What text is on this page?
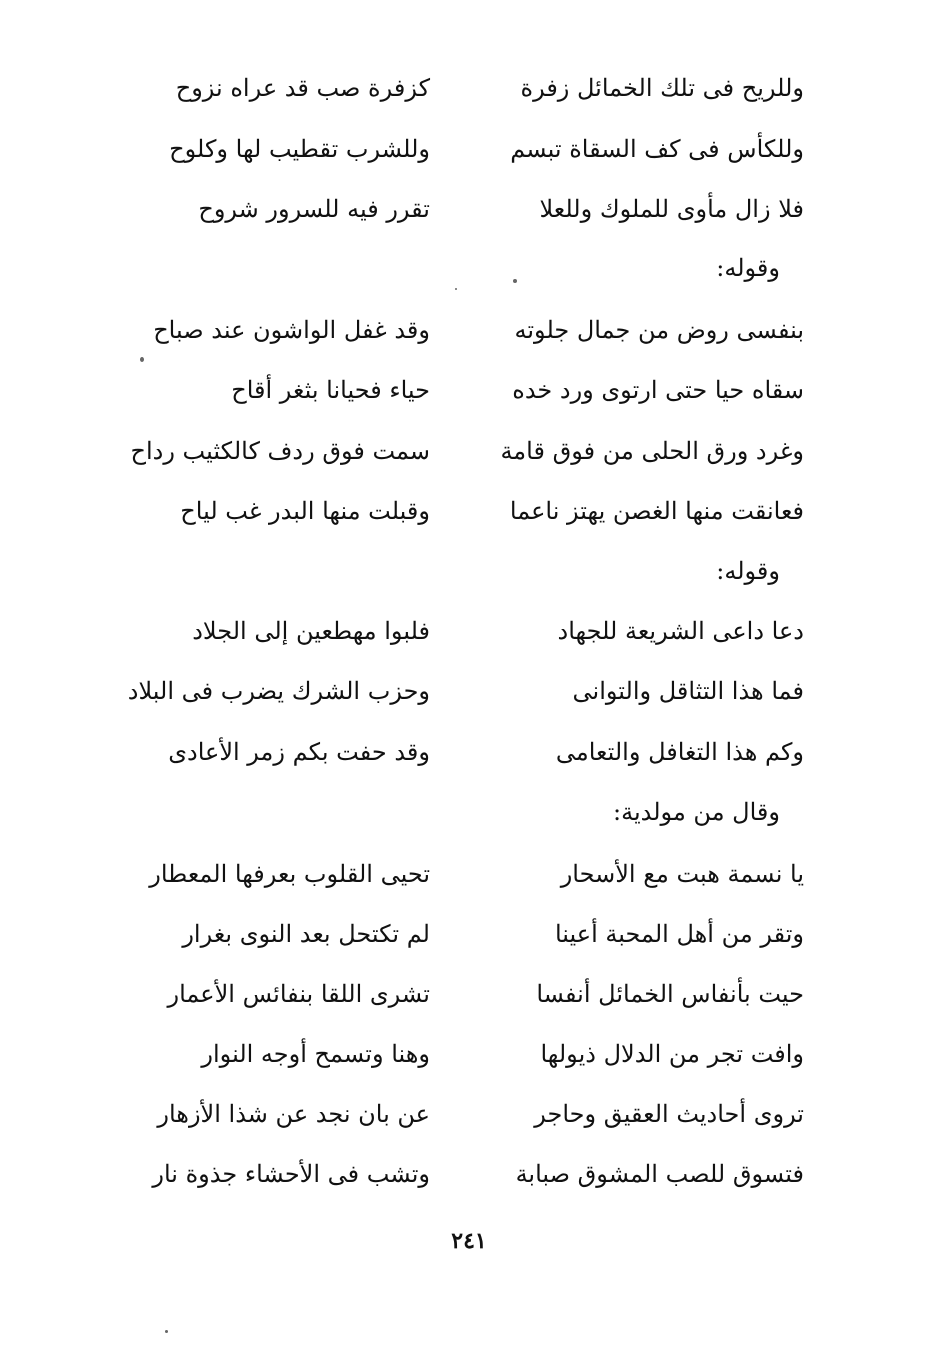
وللريح فى تلك الخمائل زفرة
كزفرة صب قد عراه نزوح
وللكأس فى كف السقاة تبسم
وللشرب تقطيب لها وكلوح
فلا زال مأوى للملوك وللعلا
تقرر فيه للسرور شروح
وقوله:
بنفسى روض من جمال جلوته
وقد غفل الواشون عند صباح
سقاه حيا حتى ارتوى ورد خده
حياء فحيانا بثغر أقاح
وغرد ورق الحلى من فوق قامة
سمت فوق ردف كالكثيب رداح
فعانقت منها الغصن يهتز ناعما
وقبلت منها البدر غب لياح
وقوله:
دعا داعى الشريعة للجهاد
فلبوا مهطعين إلى الجلاد
فما هذا التثاقل والتوانى
وحزب الشرك يضرب فى البلاد
وكم هذا التغافل والتعامى
وقد حفت بكم زمر الأعادى
وقال من مولدية:
يا نسمة هبت مع الأسحار
تحيى القلوب بعرفها المعطار
وتقر من أهل المحبة أعينا
لم تكتحل بعد النوى بغرار
حيت بأنفاس الخمائل أنفسا
تشرى اللقا بنفائس الأعمار
وافت تجر من الدلال ذيولها
وهنا وتسمح أوجه النوار
تروى أحاديث العقيق وحاجر
عن بان نجد عن شذا الأزهار
فتسوق للصب المشوق صبابة
وتشب فى الأحشاء جذوة نار
٢٤١
